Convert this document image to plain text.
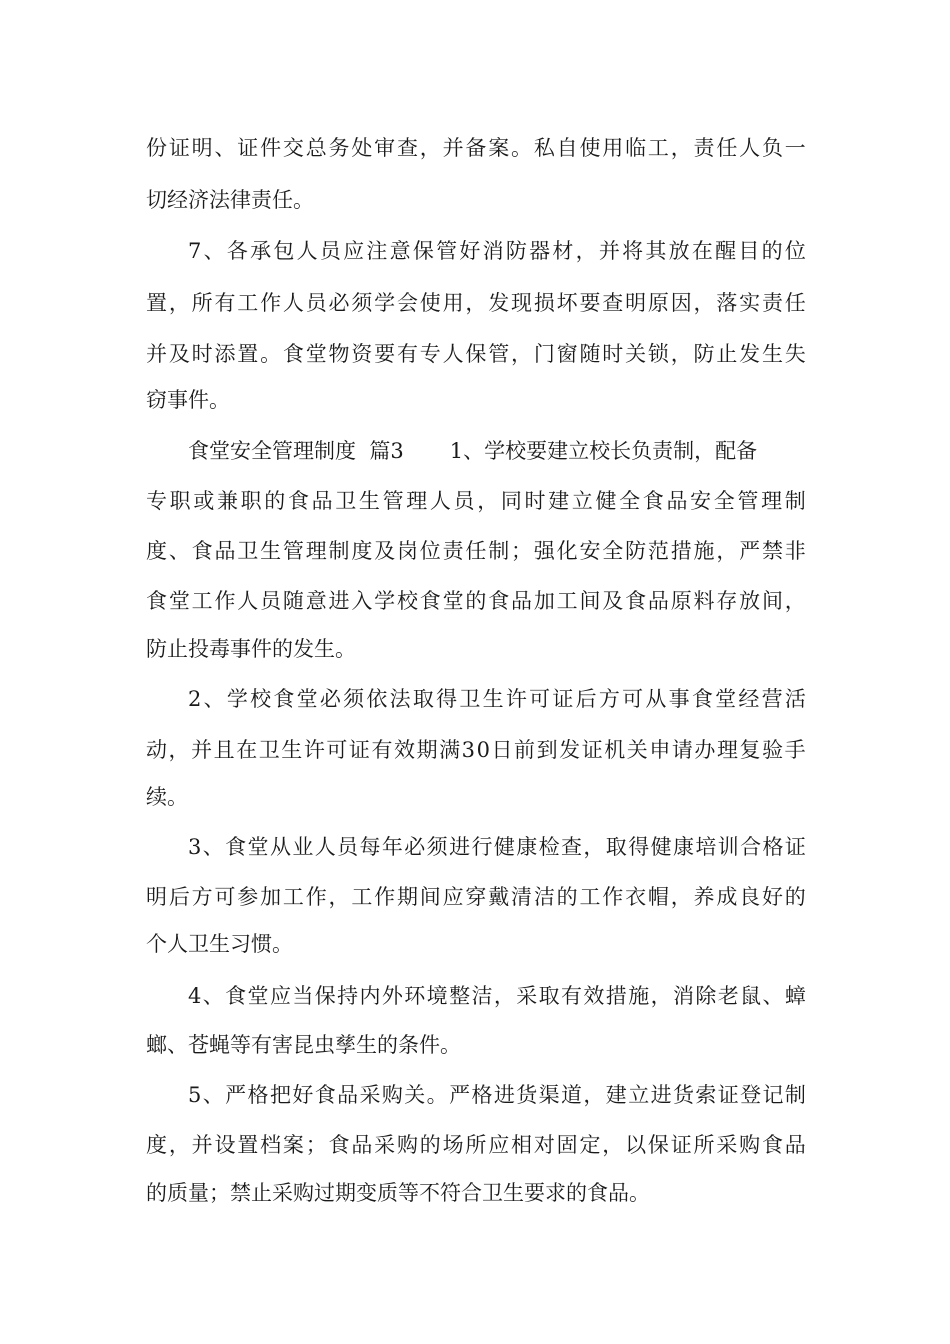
份 证 明 、 证 件 交 总 务 处 审 查 ， 并 备 案 。 私 自 使 用 临 工 ， 责 任 人 负 一
切经济法律责任。
7 、 各 承 包 人 员 应 注 意 保 管 好 消 防 器 材 ， 并 将 其 放 在 醒 目 的 位
置 ， 所 有 工 作 人 员 必 须 学 会 使 用 ， 发 现 损 坏 要 查 明 原 因 ， 落 实 责 任
并 及 时 添 置 。 食 堂 物 资 要 有 专 人 保 管 ， 门 窗 随 时 关 锁 ， 防 止 发 生 失
窃事件。
食堂安全管理制度  篇3 1、学校要建立校长负责制，配备
专 职 或 兼 职 的 食 品 卫 生 管 理 人 员 ， 同 时 建 立 健 全 食 品 安 全 管 理 制
度 、 食 品 卫 生 管 理 制 度 及 岗 位 责 任 制 ； 强 化 安 全 防 范 措 施 ， 严 禁 非
食 堂 工 作 人 员 随 意 进 入 学 校 食 堂 的 食 品 加 工 间 及 食 品 原 料 存 放 间 ，
防止投毒事件的发生。
2 、 学 校 食 堂 必 须 依 法 取 得 卫 生 许 可 证 后 方 可 从 事 食 堂 经 营 活
动 ， 并 且 在 卫 生 许 可 证 有 效 期 满 3 0 日 前 到 发 证 机 关 申 请 办 理 复 验 手
续。
3 、 食 堂 从 业 人 员 每 年 必 须 进 行 健 康 检 查 ， 取 得 健 康 培 训 合 格 证
明 后 方 可 参 加 工 作 ， 工 作 期 间 应 穿 戴 清 洁 的 工 作 衣 帽 ， 养 成 良 好 的
个人卫生习惯。
4 、 食 堂 应 当 保 持 内 外 环 境 整 洁 ， 采 取 有 效 措 施 ， 消 除 老 鼠 、 蟑
螂、苍蝇等有害昆虫孳生的条件。
5 、 严 格 把 好 食 品 采 购 关 。 严 格 进 货 渠 道 ， 建 立 进 货 索 证 登 记 制
度 ， 并 设 置 档 案 ； 食 品 采 购 的 场 所 应 相 对 固 定 ， 以 保 证 所 采 购 食 品
的质量；禁止采购过期变质等不符合卫生要求的食品。
